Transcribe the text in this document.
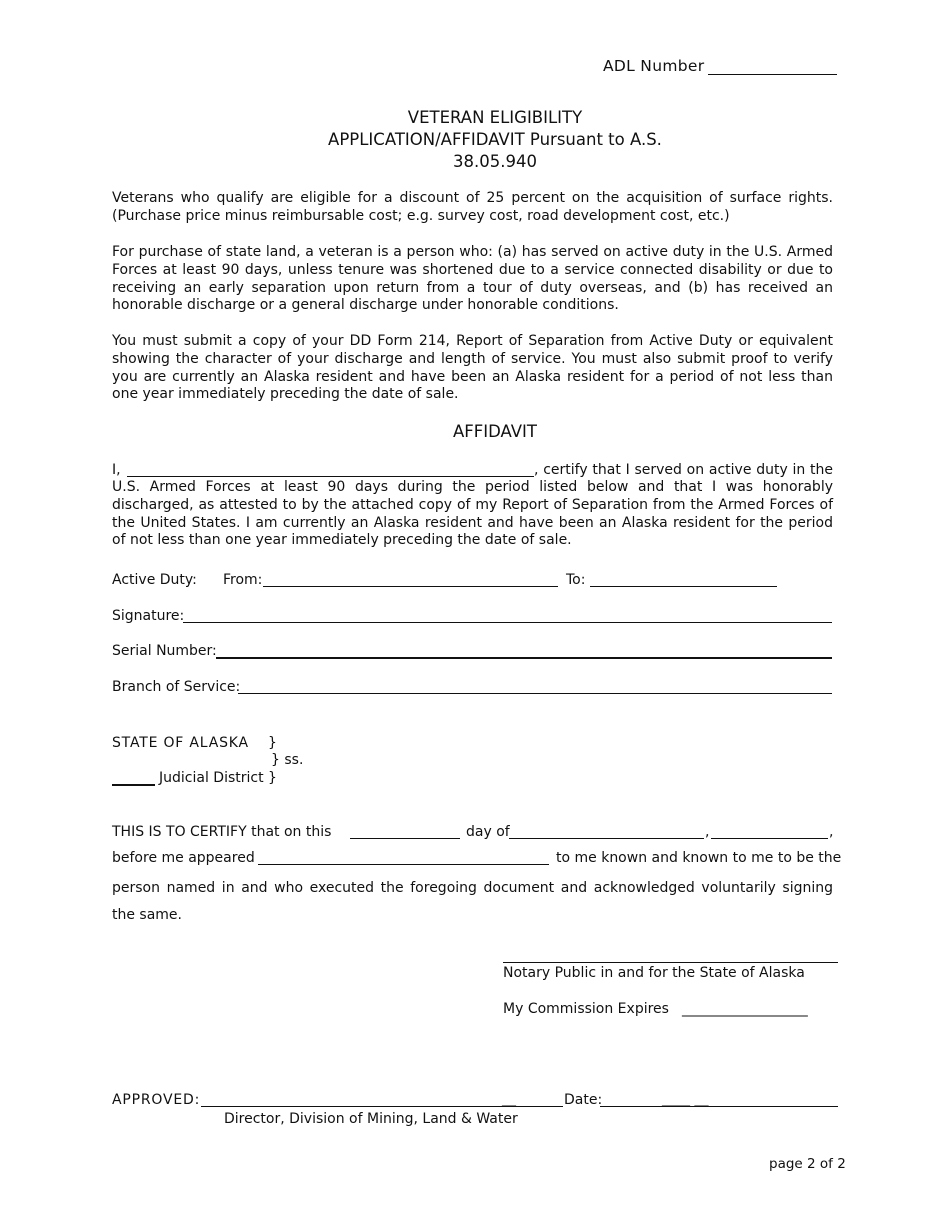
ADL Number
VETERAN ELIGIBILITY
APPLICATION/AFFIDAVIT Pursuant to A.S.
38.05.940

Veterans who qualify are eligible for a discount of 25 percent on the acquisition of surface rights. (Purchase price minus reimbursable cost; e.g. survey cost, road development cost, etc.)

For purchase of state land, a veteran is a person who: (a) has served on active duty in the U.S. Armed Forces at least 90 days, unless tenure was shortened due to a service connected disability or due to receiving an early separation upon return from a tour of duty overseas, and (b) has received an honorable discharge or a general discharge under honorable conditions.

You must submit a copy of your DD Form 214, Report of Separation from Active Duty or equivalent showing the character of your discharge and length of service. You must also submit proof to verify you are currently an Alaska resident and have been an Alaska resident for a period of not less than one year immediately preceding the date of sale.

AFFIDAVIT
I,	, certify that I served on active duty in the

U.S. Armed Forces at least 90 days during the period listed below and that I was honorably discharged, as attested to by the attached copy of my Report of Separation from the Armed Forces of the United States. I am currently an Alaska resident and have been an Alaska resident for the period of not less than one year immediately preceding the date of sale.

Active Duty: From:	To:
Signature:
Serial Number:
Branch of Service:
STATE OF ALASKA }
} ss.
Judicial District }
THIS IS TO CERTIFY that on this	day of	,	,
before me appeared	to me known and known to me to be the

person named in and who executed the foregoing document and acknowledged voluntarily signing the same.

Notary Public in and for the State of Alaska
My Commission Expires ___________________
APPROVED:	__	Date:	____ __
Director, Division of Mining, Land & Water
page 2 of 2
